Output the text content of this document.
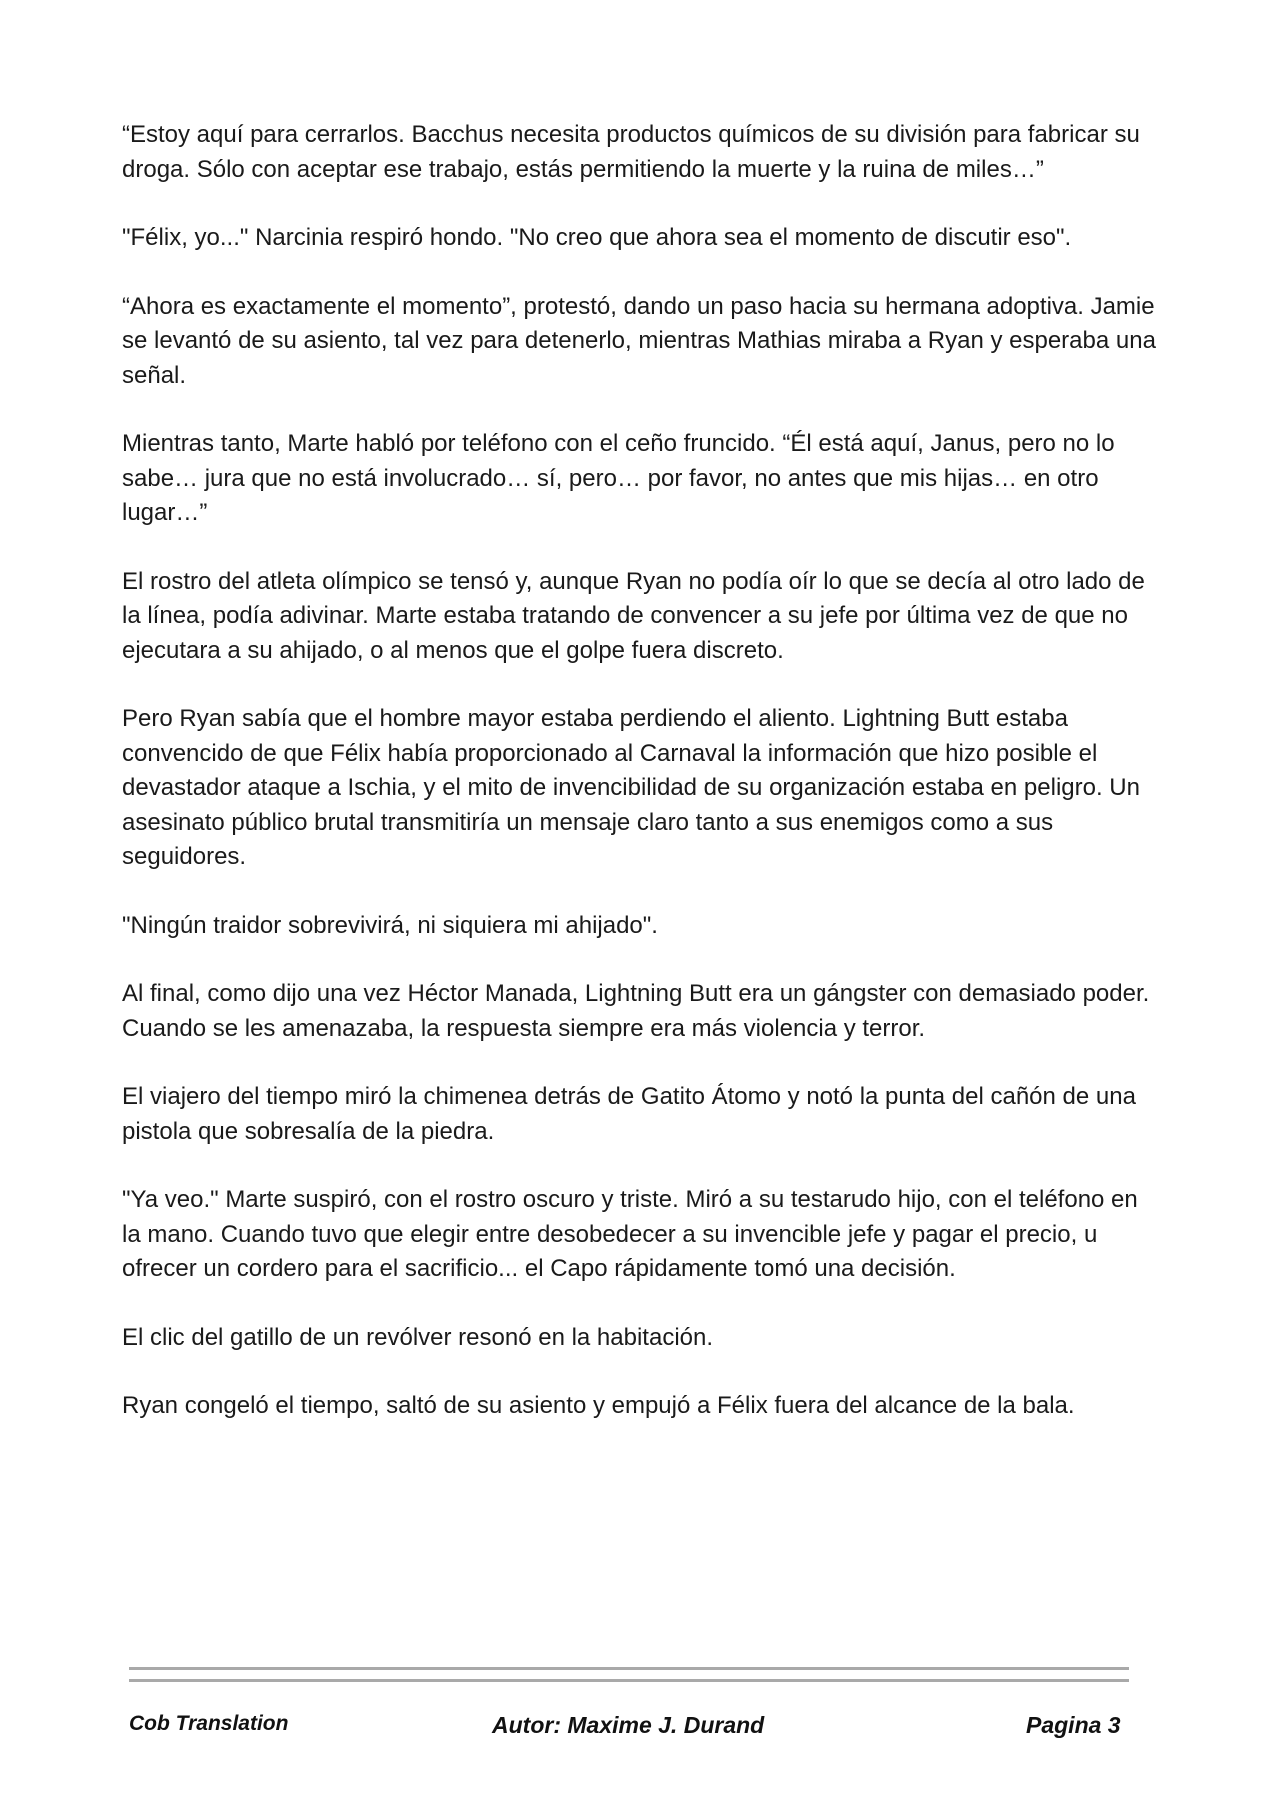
“Estoy aquí para cerrarlos. Bacchus necesita productos químicos de su división para fabricar su droga. Sólo con aceptar ese trabajo, estás permitiendo la muerte y la ruina de miles…”

"Félix, yo..." Narcinia respiró hondo. "No creo que ahora sea el momento de discutir eso".

“Ahora es exactamente el momento”, protestó, dando un paso hacia su hermana adoptiva. Jamie se levantó de su asiento, tal vez para detenerlo, mientras Mathias miraba a Ryan y esperaba una señal.

Mientras tanto, Marte habló por teléfono con el ceño fruncido. “Él está aquí, Janus, pero no lo sabe… jura que no está involucrado… sí, pero… por favor, no antes que mis hijas… en otro lugar…”

El rostro del atleta olímpico se tensó y, aunque Ryan no podía oír lo que se decía al otro lado de la línea, podía adivinar. Marte estaba tratando de convencer a su jefe por última vez de que no ejecutara a su ahijado, o al menos que el golpe fuera discreto.

Pero Ryan sabía que el hombre mayor estaba perdiendo el aliento. Lightning Butt estaba convencido de que Félix había proporcionado al Carnaval la información que hizo posible el devastador ataque a Ischia, y el mito de invencibilidad de su organización estaba en peligro. Un asesinato público brutal transmitiría un mensaje claro tanto a sus enemigos como a sus seguidores.

"Ningún traidor sobrevivirá, ni siquiera mi ahijado".

Al final, como dijo una vez Héctor Manada, Lightning Butt era un gángster con demasiado poder. Cuando se les amenazaba, la respuesta siempre era más violencia y terror.

El viajero del tiempo miró la chimenea detrás de Gatito Átomo y notó la punta del cañón de una pistola que sobresalía de la piedra.

"Ya veo." Marte suspiró, con el rostro oscuro y triste. Miró a su testarudo hijo, con el teléfono en la mano. Cuando tuvo que elegir entre desobedecer a su invencible jefe y pagar el precio, u ofrecer un cordero para el sacrificio... el Capo rápidamente tomó una decisión.

El clic del gatillo de un revólver resonó en la habitación.

Ryan congeló el tiempo, saltó de su asiento y empujó a Félix fuera del alcance de la bala.

Cob Translation	Autor: Maxime J. Durand	Pagina 3
